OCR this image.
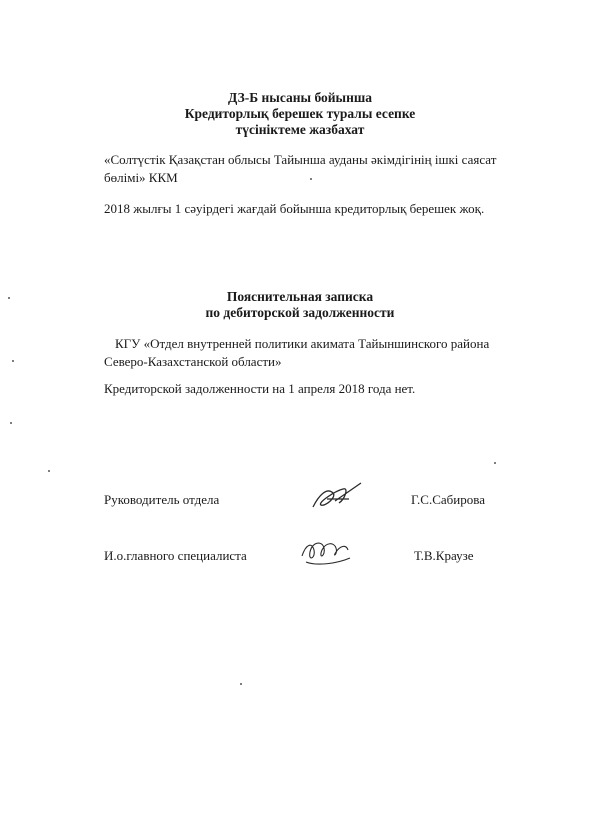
ДЗ-Б нысаны бойынша
Кредиторлық берешек туралы есепке
түсініктеме жазбахат
«Солтүстік Қазақстан облысы Тайынша ауданы әкімдігінің ішкі саясат
бөлімі» ККМ
2018 жылғы 1 сәуірдегі жағдай бойынша кредиторлық берешек жоқ.
Пояснительная записка
по дебиторской задолженности
КГУ «Отдел внутренней политики акимата Тайыншинского района
Северо-Казахстанской области»
Кредиторской задолженности на 1 апреля 2018 года нет.
Руководитель отдела	Г.С.Сабирова
И.о.главного специалиста	Т.В.Краузе
